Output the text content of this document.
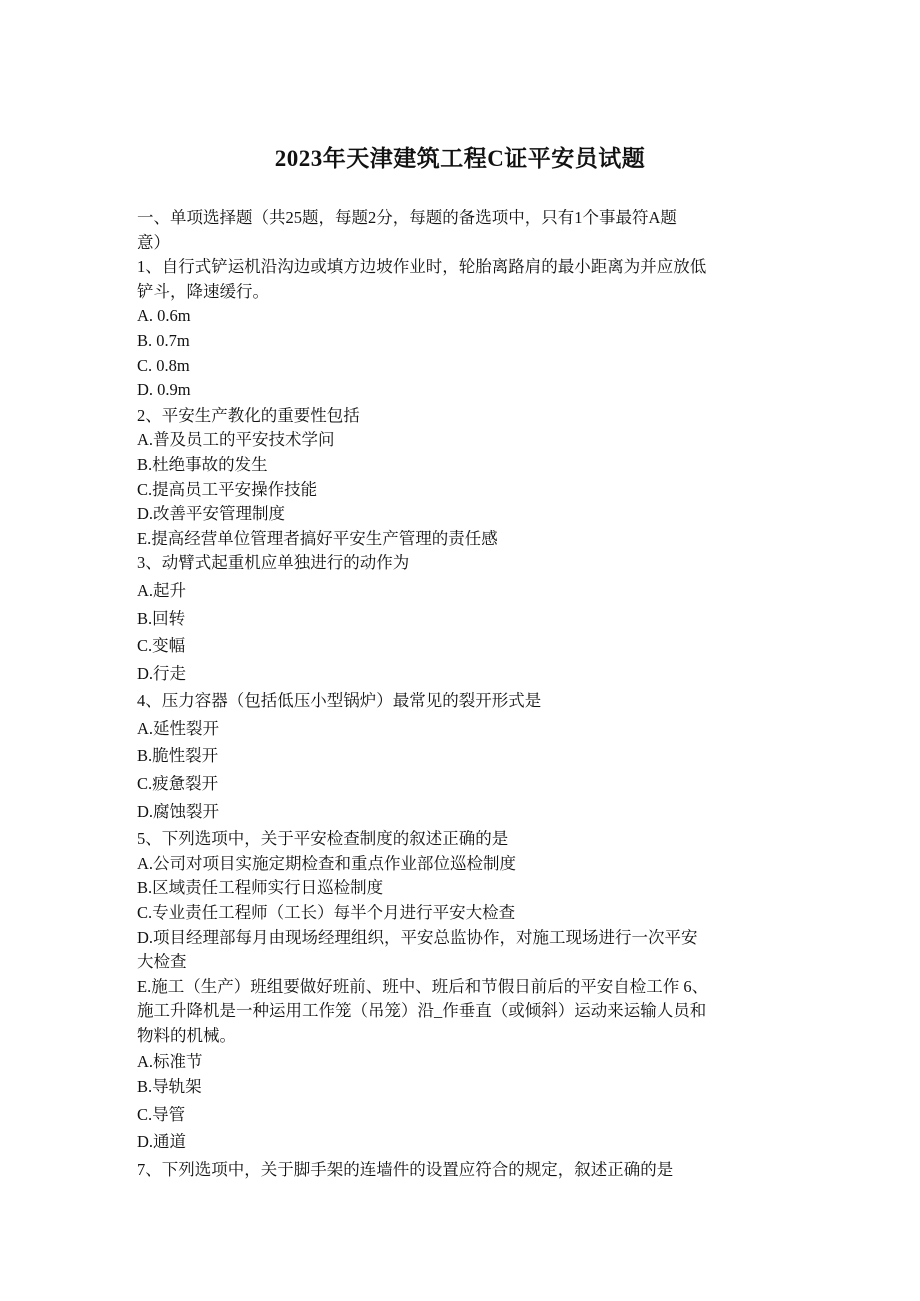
2023年天津建筑工程C证平安员试题
一、单项选择题（共25题，每题2分，每题的备选项中，只有1个事最符A题
意）
1、自行式铲运机沿沟边或填方边坡作业时，轮胎离路肩的最小距离为并应放低
铲斗，降速缓行。
A. 0.6m
B. 0.7m
C. 0.8m
D. 0.9m
2、平安生产教化的重要性包括
A.普及员工的平安技术学问
B.杜绝事故的发生
C.提高员工平安操作技能
D.改善平安管理制度
E.提高经营单位管理者搞好平安生产管理的责任感
3、动臂式起重机应单独进行的动作为
A.起升
B.回转
C.变幅
D.行走
4、压力容器（包括低压小型锅炉）最常见的裂开形式是
A.延性裂开
B.脆性裂开
C.疲惫裂开
D.腐蚀裂开
5、下列选项中，关于平安检查制度的叙述正确的是
A.公司对项目实施定期检查和重点作业部位巡检制度
B.区域责任工程师实行日巡检制度
C.专业责任工程师（工长）每半个月进行平安大检查
D.项目经理部每月由现场经理组织，平安总监协作，对施工现场进行一次平安
大检查
E.施工（生产）班组要做好班前、班中、班后和节假日前后的平安自检工作 6、
施工升降机是一种运用工作笼（吊笼）沿_作垂直（或倾斜）运动来运输人员和
物料的机械。
A.标准节
B.导轨架
C.导管
D.通道
7、下列选项中，关于脚手架的连墙件的设置应符合的规定，叙述正确的是
